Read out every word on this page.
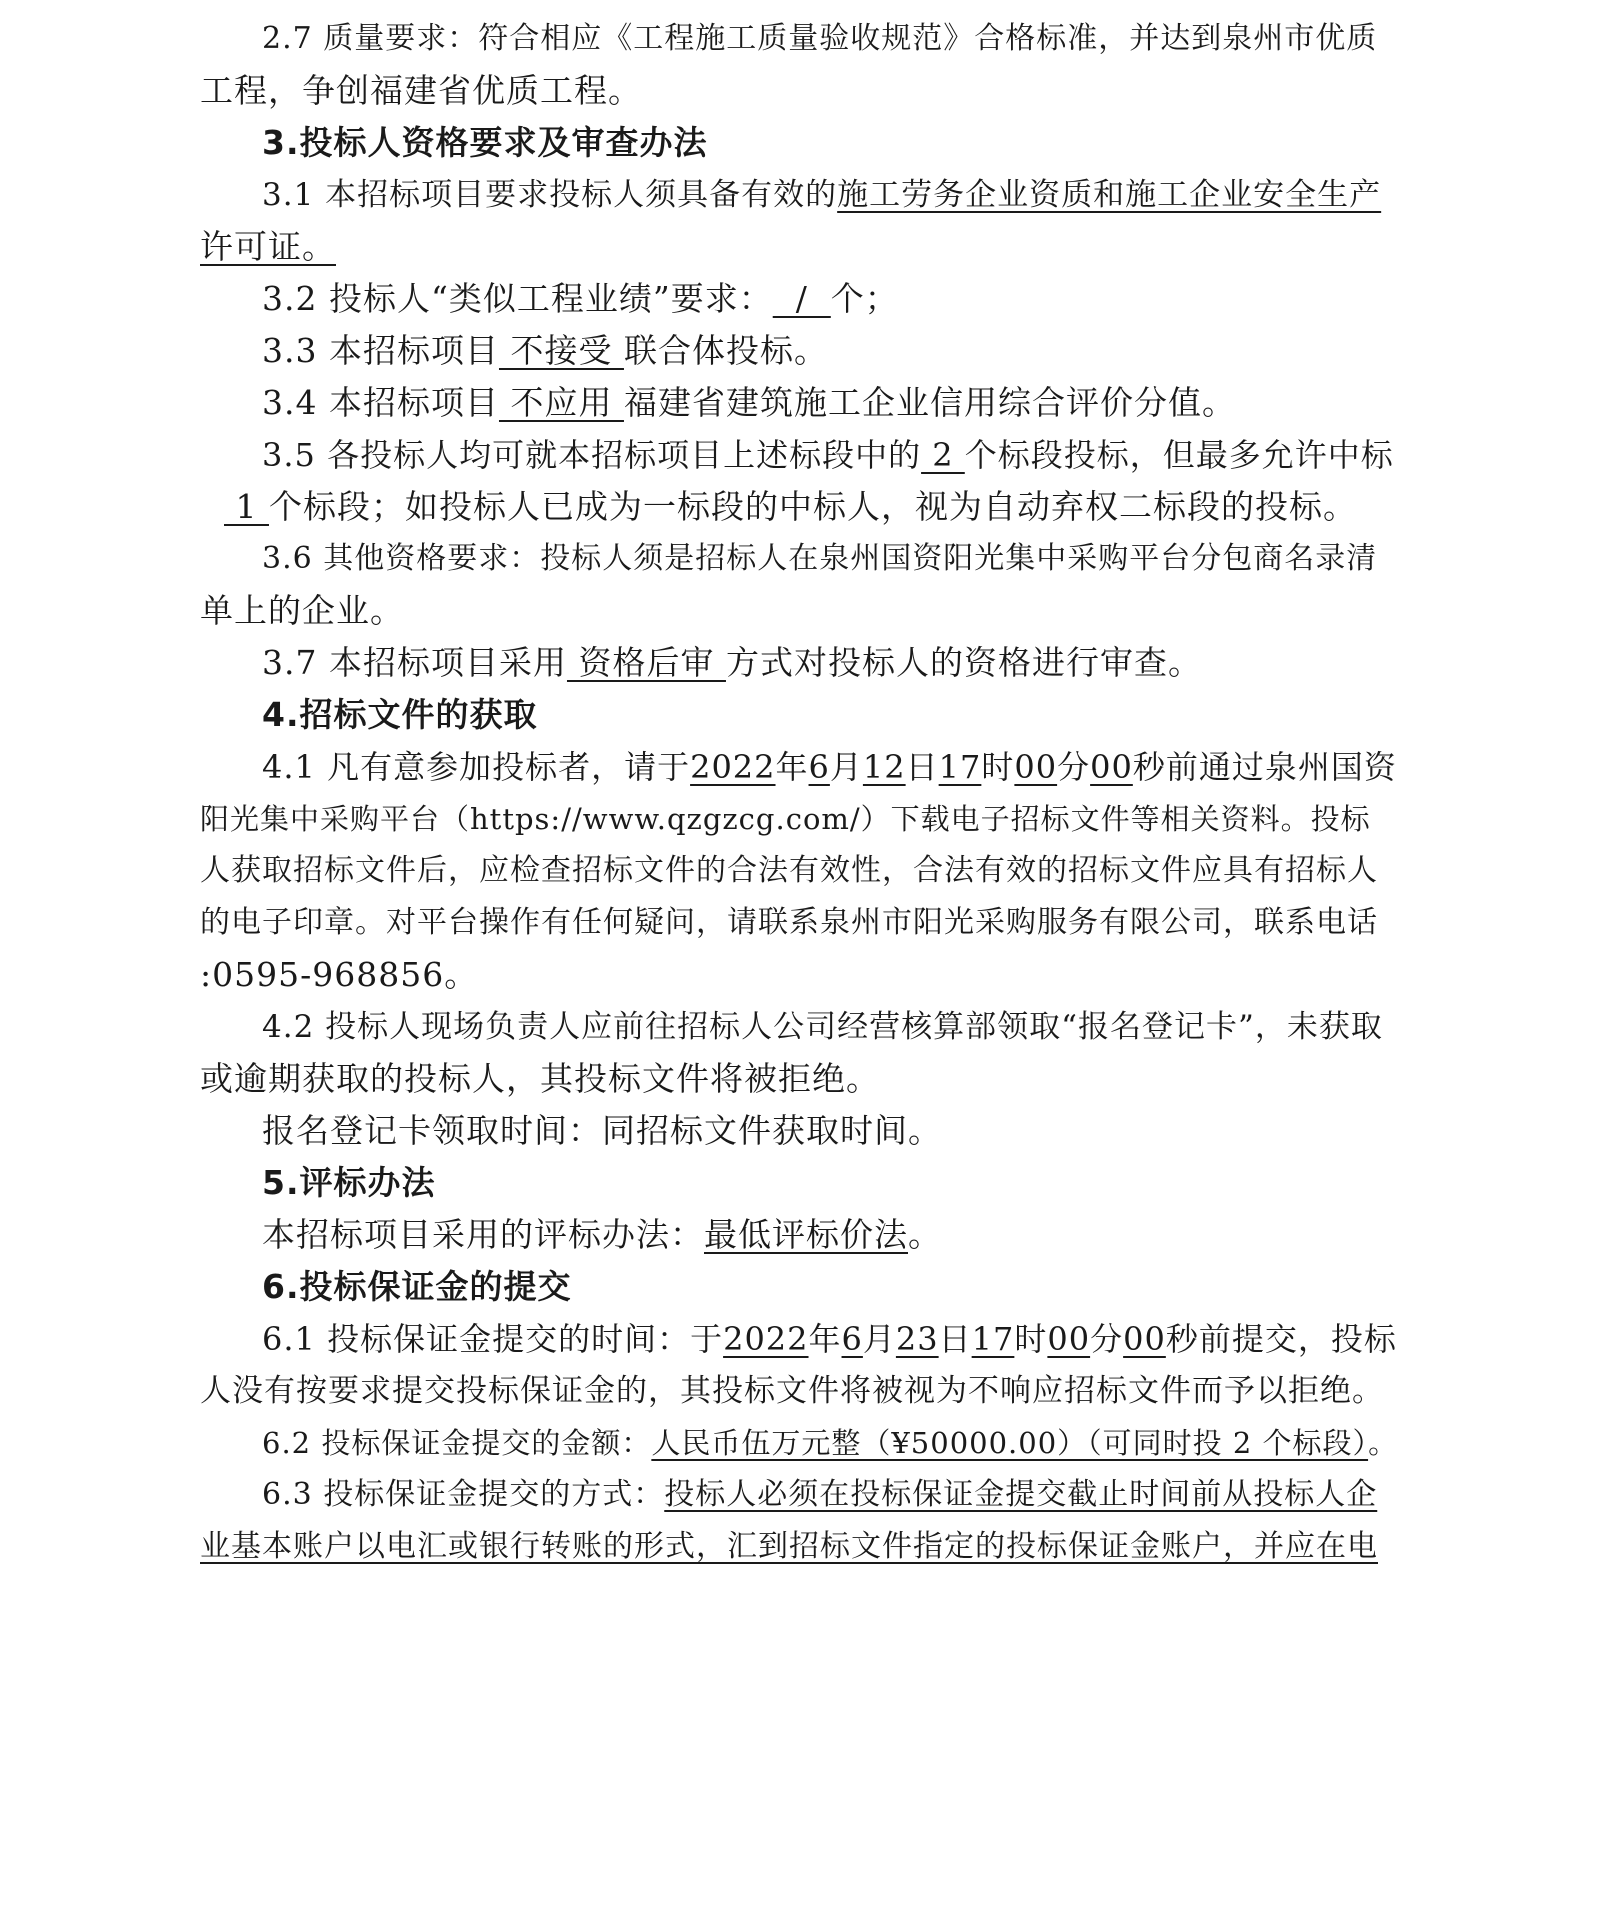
2.7 质量要求：符合相应《工程施工质量验收规范》合格标准，并达到泉州市优质
工程，争创福建省优质工程。
3.投标人资格要求及审查办法
3.1 本招标项目要求投标人须具备有效的施工劳务企业资质和施工企业安全生产
许可证。
3.2 投标人“类似工程业绩”要求：  /  个；
3.3 本招标项目 不接受 联合体投标。
3.4 本招标项目 不应用 福建省建筑施工企业信用综合评价分值。
3.5 各投标人均可就本招标项目上述标段中的 2 个标段投标，但最多允许中标
1 个标段；如投标人已成为一标段的中标人，视为自动弃权二标段的投标。
3.6 其他资格要求：投标人须是招标人在泉州国资阳光集中采购平台分包商名录清
单上的企业。
3.7 本招标项目采用 资格后审 方式对投标人的资格进行审查。
4.招标文件的获取
4.1 凡有意参加投标者，请于2022年6月12日17时00分00秒前通过泉州国资
阳光集中采购平台（https://www.qzgzcg.com/）下载电子招标文件等相关资料。投标
人获取招标文件后，应检查招标文件的合法有效性，合法有效的招标文件应具有招标人
的电子印章。对平台操作有任何疑问，请联系泉州市阳光采购服务有限公司，联系电话
:0595-968856。
4.2 投标人现场负责人应前往招标人公司经营核算部领取“报名登记卡”，未获取
或逾期获取的投标人，其投标文件将被拒绝。
报名登记卡领取时间：同招标文件获取时间。
5.评标办法
本招标项目采用的评标办法：最低评标价法。
6.投标保证金的提交
6.1 投标保证金提交的时间：于2022年6月23日17时00分00秒前提交，投标
人没有按要求提交投标保证金的，其投标文件将被视为不响应招标文件而予以拒绝。
6.2 投标保证金提交的金额：人民币伍万元整（¥50000.00）（可同时投 2 个标段）。
6.3 投标保证金提交的方式：投标人必须在投标保证金提交截止时间前从投标人企
业基本账户以电汇或银行转账的形式，汇到招标文件指定的投标保证金账户，并应在电
